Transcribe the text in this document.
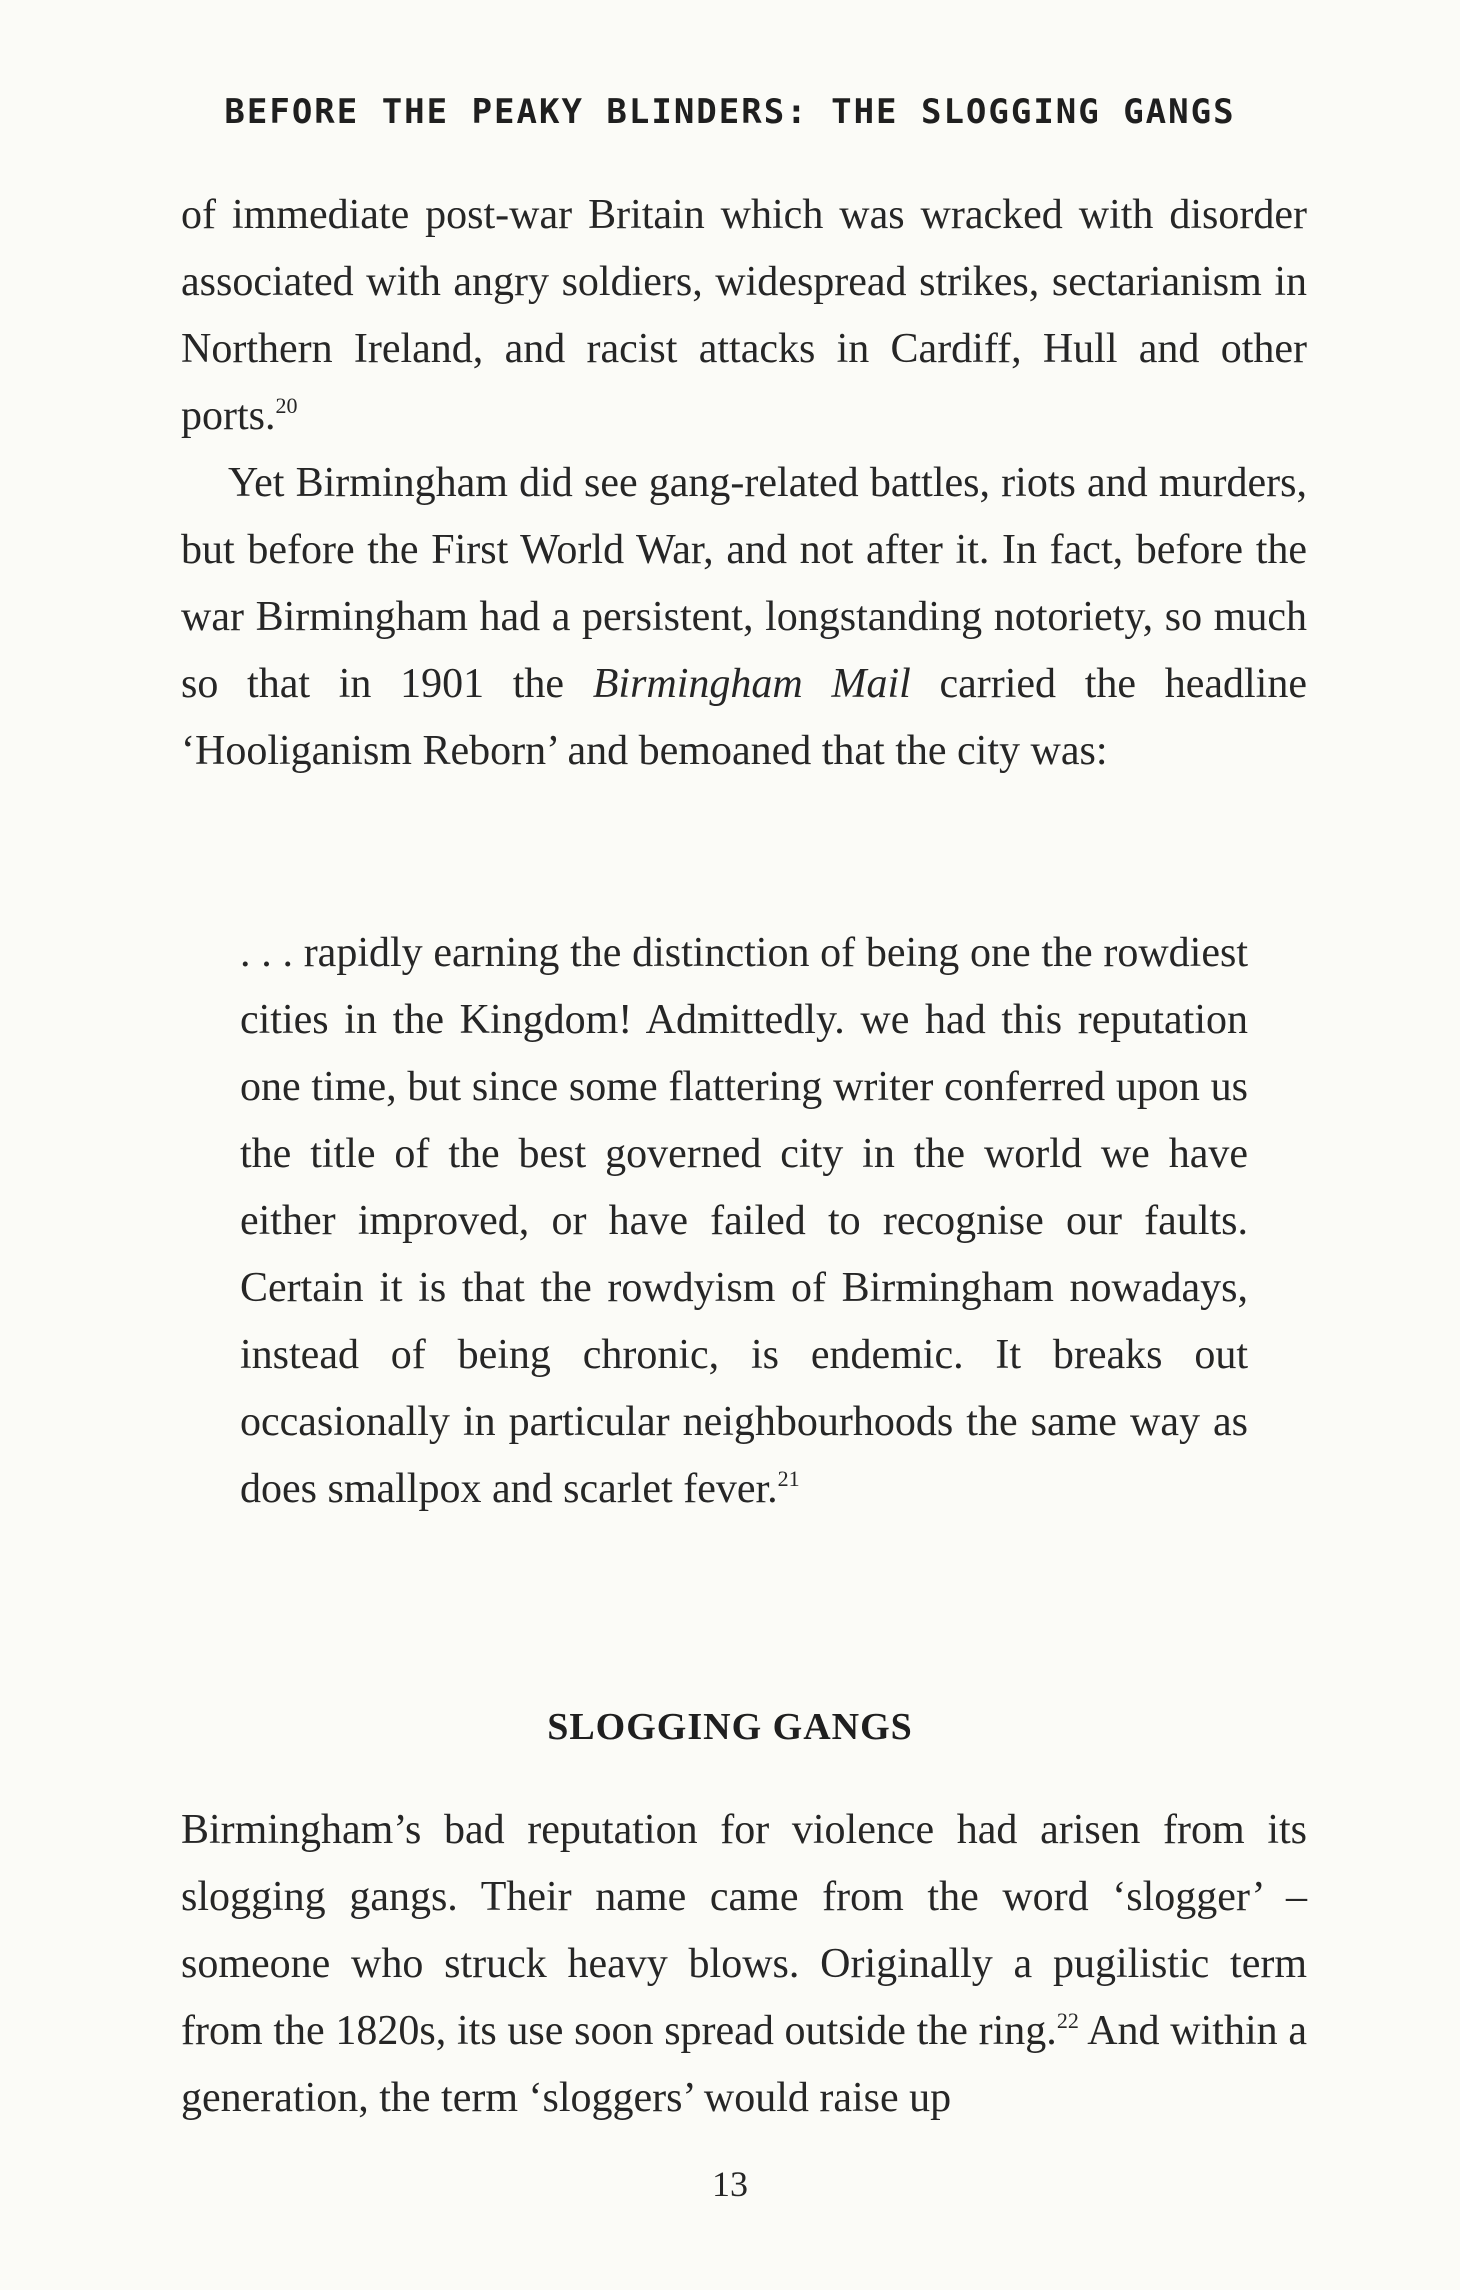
BEFORE THE PEAKY BLINDERS: THE SLOGGING GANGS

of immediate post-war Britain which was wracked with disorder associated with angry soldiers, widespread strikes, sectarianism in Northern Ireland, and racist attacks in Cardiff, Hull and other ports.$^{20}$

Yet Birmingham did see gang-related battles, riots and murders, but before the First World War, and not after it. In fact, before the war Birmingham had a persistent, longstanding notoriety, so much so that in 1901 the Birmingham Mail carried the headline ‘Hooliganism Reborn’ and bemoaned that the city was:

. . . rapidly earning the distinction of being one the rowdiest cities in the Kingdom! Admittedly. we had this reputation one time, but since some flattering writer conferred upon us the title of the best governed city in the world we have either improved, or have failed to recognise our faults. Certain it is that the rowdyism of Birmingham nowadays, instead of being chronic, is endemic. It breaks out occasionally in particular neighbourhoods the same way as does smallpox and scarlet fever.$^{21}$

SLOGGING GANGS

Birmingham’s bad reputation for violence had arisen from its slogging gangs. Their name came from the word ‘slogger’ – someone who struck heavy blows. Originally a pugilistic term from the 1820s, its use soon spread outside the ring.$^{22}$ And within a generation, the term ‘sloggers’ would raise up

13
